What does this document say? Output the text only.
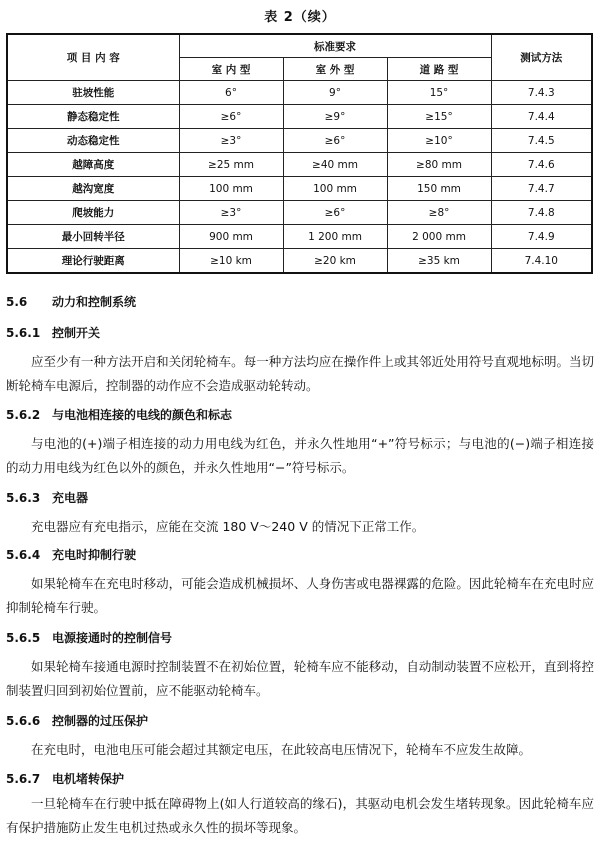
表 2（续）
项 目 内 容	标准要求			测试方法
	室 内 型	室 外 型	道 路 型	
驻坡性能	6°	9°	15°	7.4.3
静态稳定性	≥6°	≥9°	≥15°	7.4.4
动态稳定性	≥3°	≥6°	≥10°	7.4.5
越障高度	≥25 mm	≥40 mm	≥80 mm	7.4.6
越沟宽度	100 mm	100 mm	150 mm	7.4.7
爬坡能力	≥3°	≥6°	≥8°	7.4.8
最小回转半径	900 mm	1 200 mm	2 000 mm	7.4.9
理论行驶距离	≥10 km	≥20 km	≥35 km	7.4.10
5.6 动力和控制系统
5.6.1 控制开关
应至少有一种方法开启和关闭轮椅车。每一种方法均应在操作件上或其邻近处用符号直观地标明。当切断轮椅车电源后，控制器的动作应不会造成驱动轮转动。
5.6.2 与电池相连接的电线的颜色和标志
与电池的(+)端子相连接的动力用电线为红色，并永久性地用“+”符号标示；与电池的(−)端子相连接的动力用电线为红色以外的颜色，并永久性地用“−”符号标示。
5.6.3 充电器
充电器应有充电指示，应能在交流 180 V～240 V 的情况下正常工作。
5.6.4 充电时抑制行驶
如果轮椅车在充电时移动，可能会造成机械损坏、人身伤害或电器裸露的危险。因此轮椅车在充电时应抑制轮椅车行驶。
5.6.5 电源接通时的控制信号
如果轮椅车接通电源时控制装置不在初始位置，轮椅车应不能移动，自动制动装置不应松开，直到将控制装置归回到初始位置前，应不能驱动轮椅车。
5.6.6 控制器的过压保护
在充电时，电池电压可能会超过其额定电压，在此较高电压情况下，轮椅车不应发生故障。
5.6.7 电机堵转保护
一旦轮椅车在行驶中抵在障碍物上(如人行道较高的缘石)，其驱动电机会发生堵转现象。因此轮椅车应有保护措施防止发生电机过热或永久性的损坏等现象。
